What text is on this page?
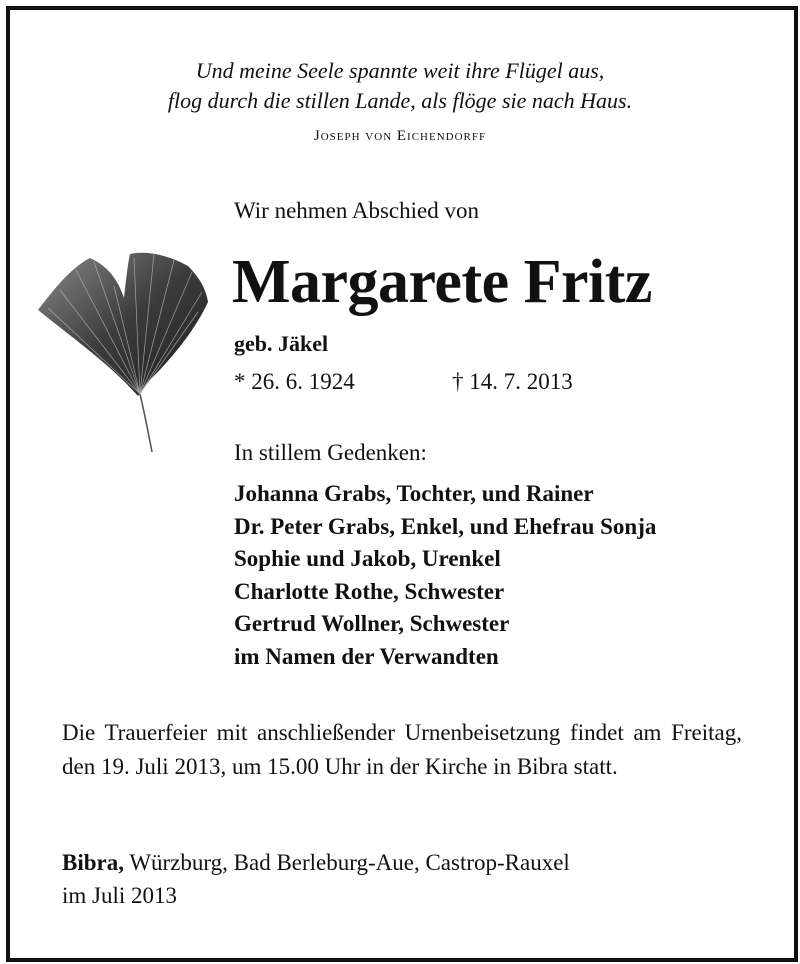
Und meine Seele spannte weit ihre Flügel aus,
flog durch die stillen Lande, als flöge sie nach Haus.
Joseph von Eichendorff
Wir nehmen Abschied von
Margarete Fritz
geb. Jäkel
* 26. 6. 1924	† 14. 7. 2013
In stillem Gedenken:
Johanna Grabs, Tochter, und Rainer
Dr. Peter Grabs, Enkel, und Ehefrau Sonja
Sophie und Jakob, Urenkel
Charlotte Rothe, Schwester
Gertrud Wollner, Schwester
im Namen der Verwandten
Die Trauerfeier mit anschließender Urnenbeisetzung findet am Freitag, den 19. Juli 2013, um 15.00 Uhr in der Kirche in Bibra statt.
Bibra, Würzburg, Bad Berleburg-Aue, Castrop-Rauxel
im Juli 2013
